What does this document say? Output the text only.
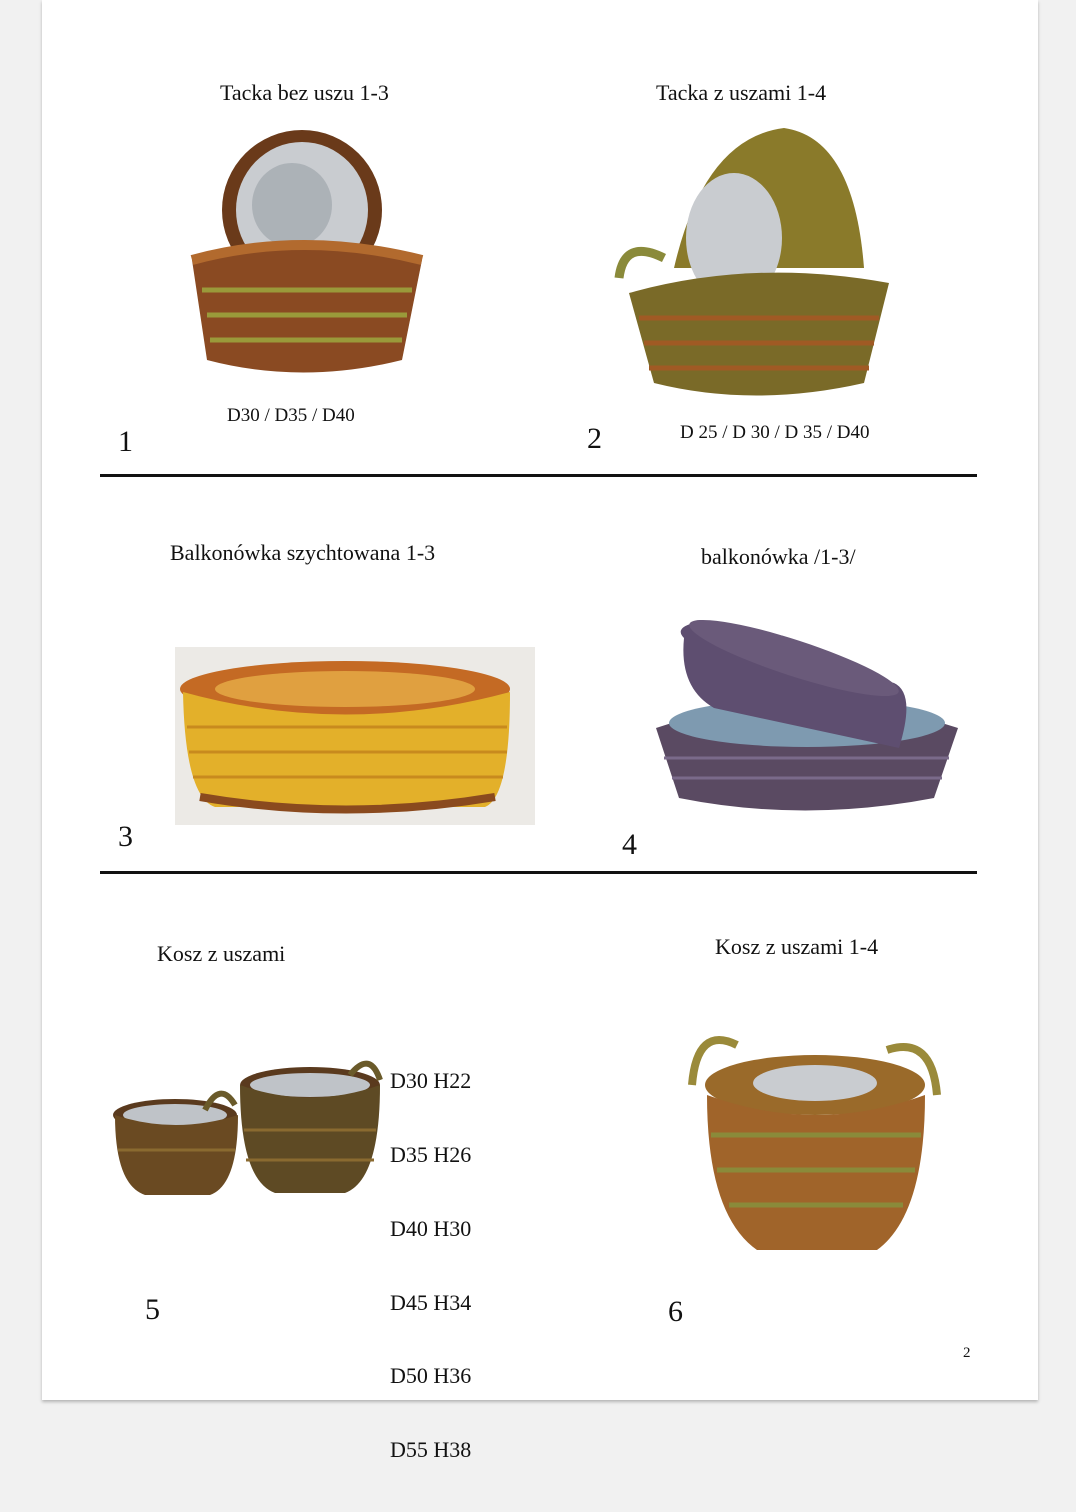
Tacka bez uszu 1-3
D30 / D35 / D40
1
Tacka z uszami 1-4
D 25 / D 30 / D 35 / D40
2
Balkonówka szychtowana 1-3
3
balkonówka /1-3/
4
Kosz z uszami

D30 H22

D35 H26

D40 H30

D45 H34

D50 H36

D55 H38

5
Kosz z uszami 1-4
6
2
